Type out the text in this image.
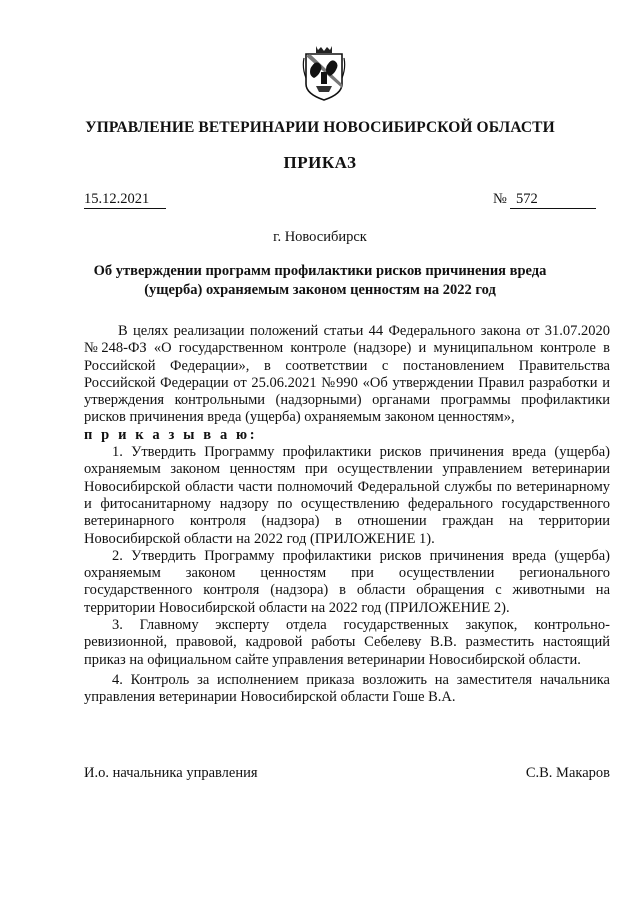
УПРАВЛЕНИЕ ВЕТЕРИНАРИИ НОВОСИБИРСКОЙ ОБЛАСТИ
ПРИКАЗ
15.12.2021	№ 572
г. Новосибирск
Об утверждении программ профилактики рисков причинения вреда (ущерба) охраняемым законом ценностям на 2022 год

В целях реализации положений статьи 44 Федерального закона от 31.07.2020 №248-ФЗ «О государственном контроле (надзоре) и муниципальном контроле в Российской Федерации», в соответствии с постановлением Правительства Российской Федерации от 25.06.2021 №990 «Об утверждении Правил разработки и утверждения контрольными (надзорными) органами программы профилактики рисков причинения вреда (ущерба) охраняемым законом ценностям»,

п р и к а з ы в а ю:

1. Утвердить Программу профилактики рисков причинения вреда (ущерба) охраняемым законом ценностям при осуществлении управлением ветеринарии Новосибирской области части полномочий Федеральной службы по ветеринарному и фитосанитарному надзору по осуществлению федерального государственного ветеринарного контроля (надзора) в отношении граждан на территории Новосибирской области на 2022 год (ПРИЛОЖЕНИЕ 1).

2. Утвердить Программу профилактики рисков причинения вреда (ущерба) охраняемым законом ценностям при осуществлении регионального государственного контроля (надзора) в области обращения с животными на территории Новосибирской области на 2022 год (ПРИЛОЖЕНИЕ 2).

3. Главному эксперту отдела государственных закупок, контрольно-ревизионной, правовой, кадровой работы Себелеву В.В. разместить настоящий приказ на официальном сайте управления ветеринарии Новосибирской области.

4. Контроль за исполнением приказа возложить на заместителя начальника управления ветеринарии Новосибирской области Гоше В.А.

И.о. начальника управления	С.В. Макаров
